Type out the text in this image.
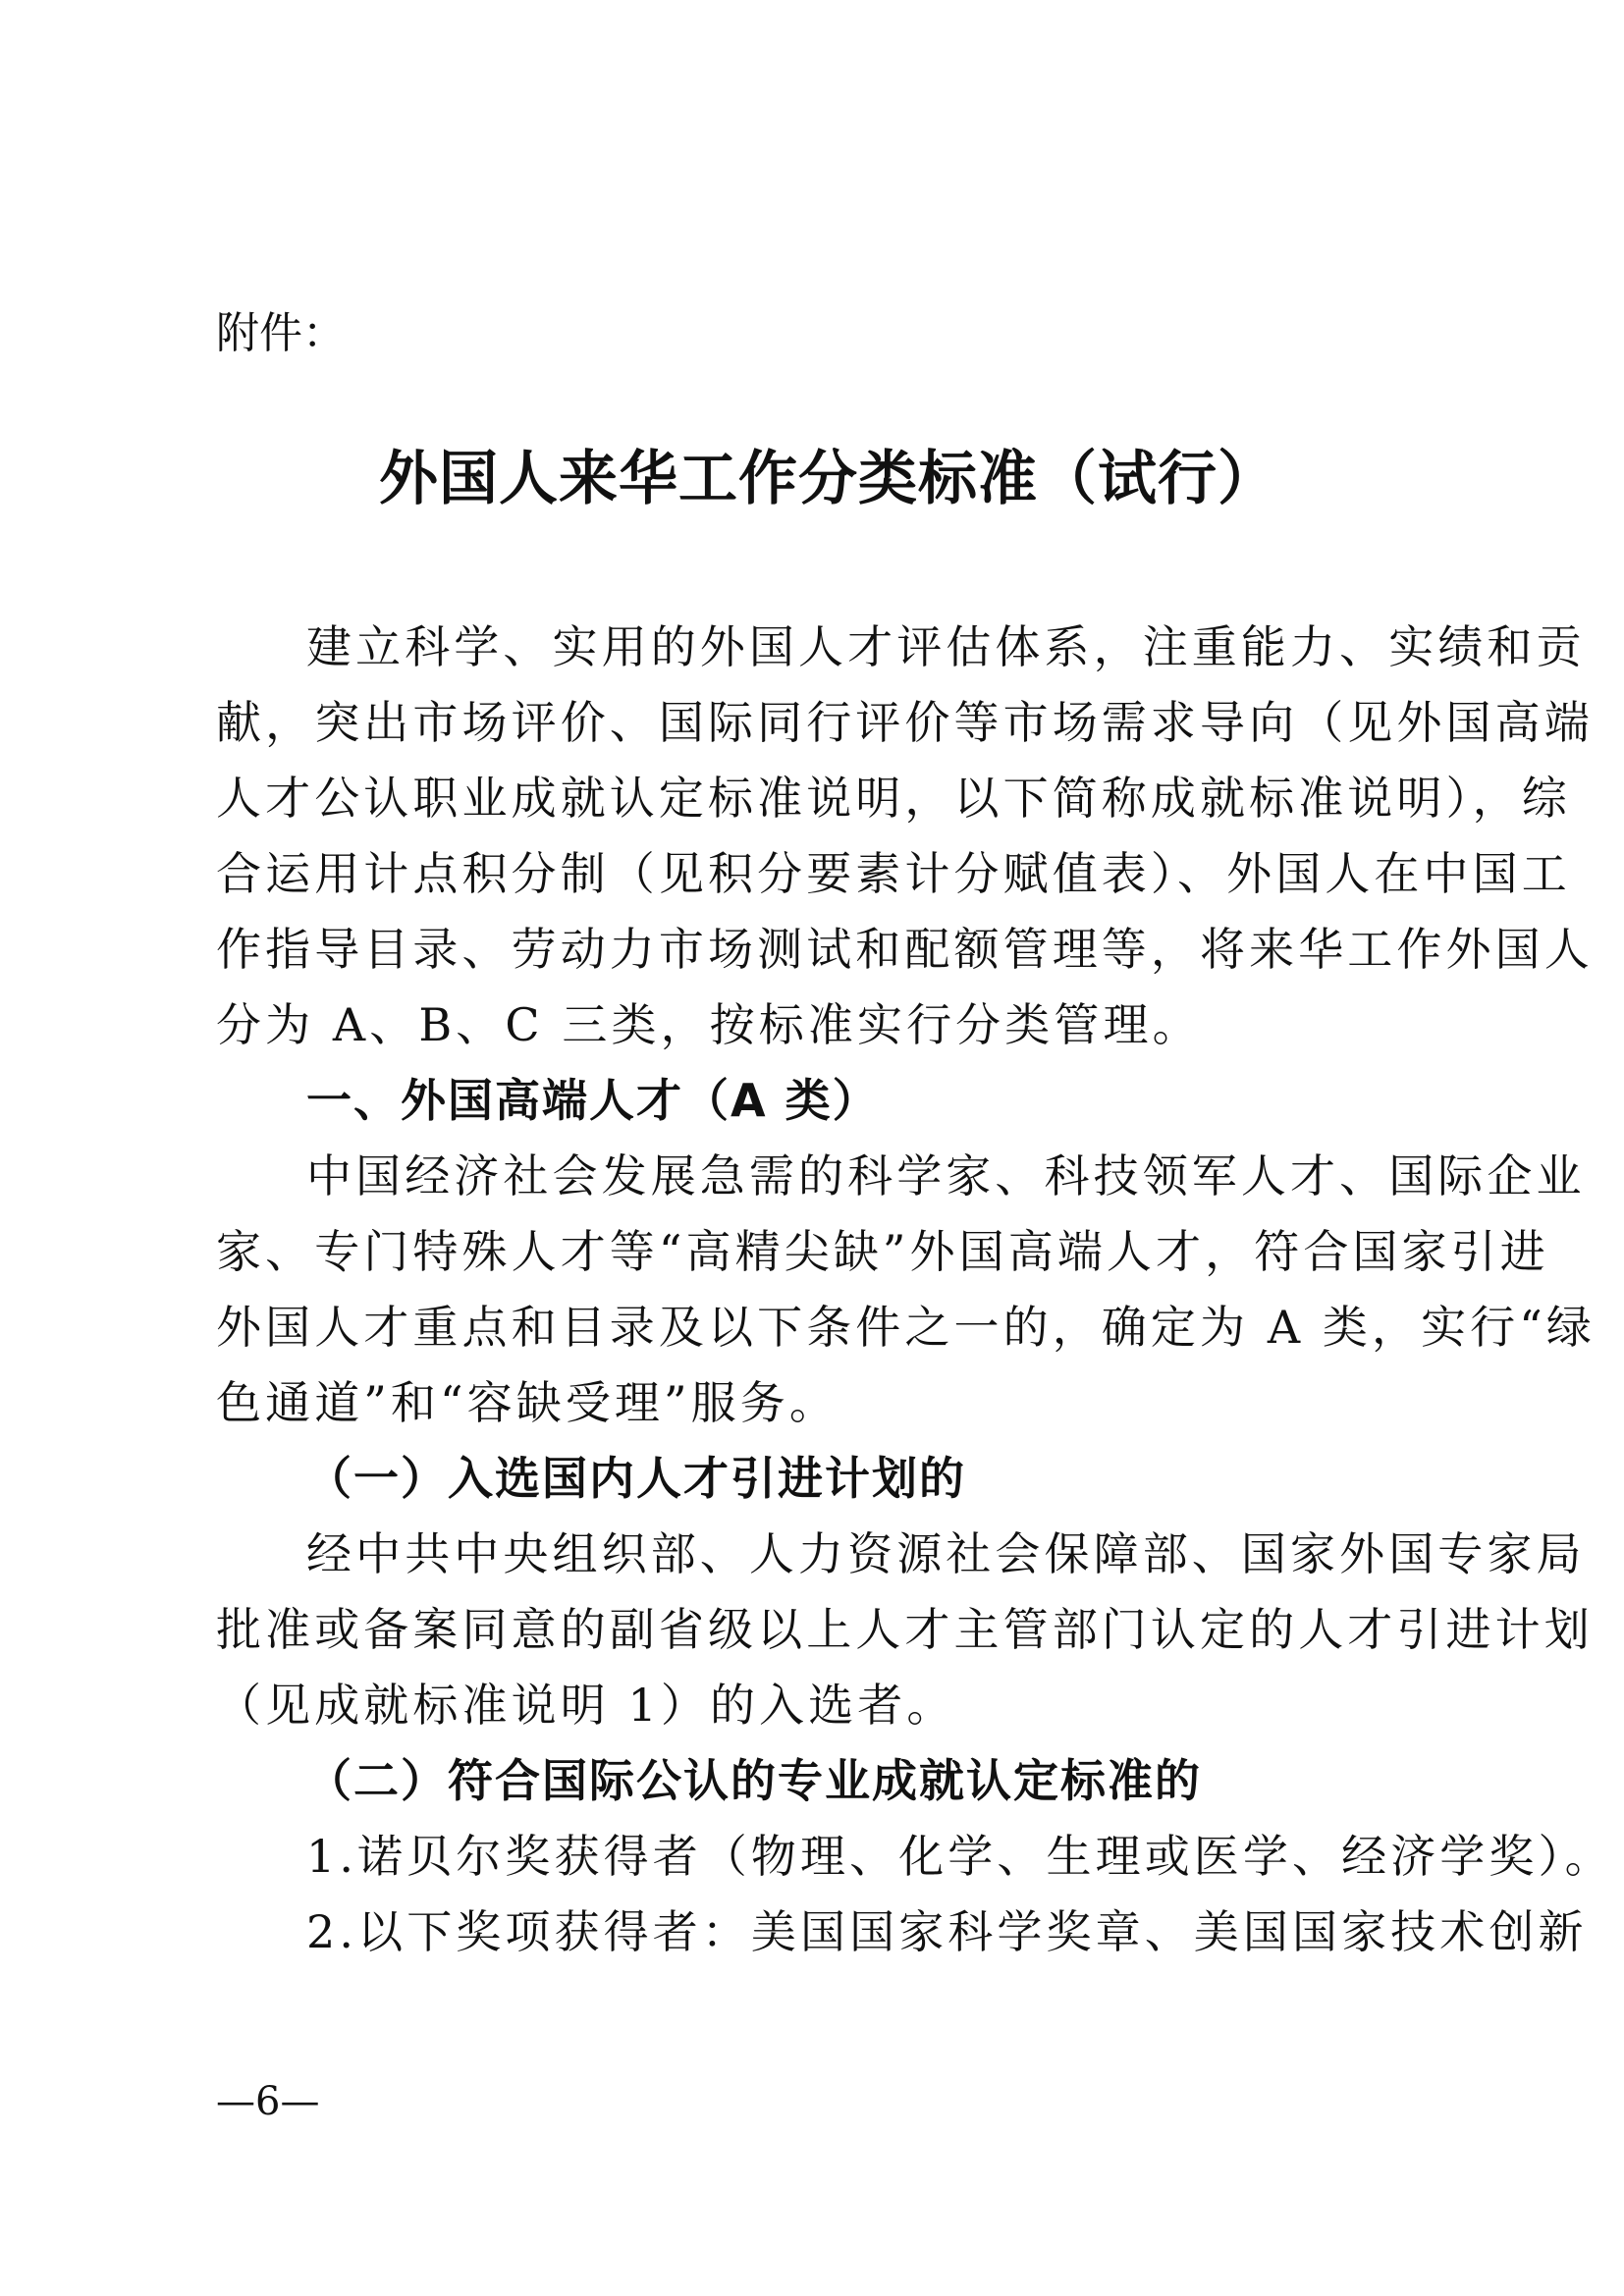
附件：
外国人来华工作分类标准（试行）
建立科学、实用的外国人才评估体系，注重能力、实绩和贡
献，突出市场评价、国际同行评价等市场需求导向（见外国高端
人才公认职业成就认定标准说明，以下简称成就标准说明），综
合运用计点积分制（见积分要素计分赋值表）、外国人在中国工
作指导目录、劳动力市场测试和配额管理等，将来华工作外国人
分为 A、B、C 三类，按标准实行分类管理。
一、外国高端人才（A 类）
中国经济社会发展急需的科学家、科技领军人才、国际企业
家、专门特殊人才等“高精尖缺”外国高端人才，符合国家引进
外国人才重点和目录及以下条件之一的，确定为 A 类，实行“绿
色通道”和“容缺受理”服务。
（一）入选国内人才引进计划的
经中共中央组织部、人力资源社会保障部、国家外国专家局
批准或备案同意的副省级以上人才主管部门认定的人才引进计划
（见成就标准说明 1）的入选者。
（二）符合国际公认的专业成就认定标准的
1.诺贝尔奖获得者（物理、化学、生理或医学、经济学奖）。
2.以下奖项获得者：美国国家科学奖章、美国国家技术创新
—6—
